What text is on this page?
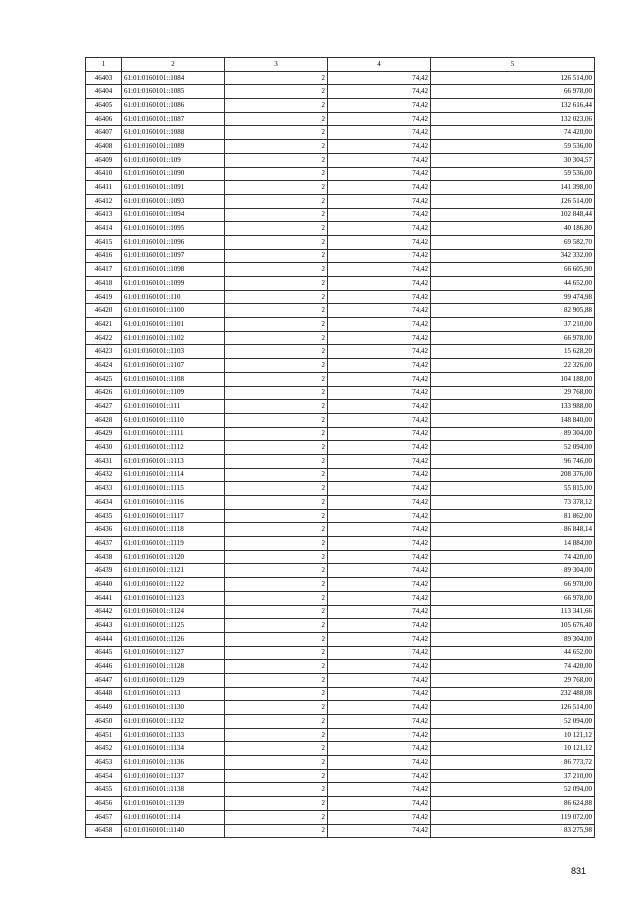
1	2	3	4	5
46403	61:01:0160101::1084	2	74,42	126 514,00
46404	61:01:0160101::1085	2	74,42	66 978,00
46405	61:01:0160101::1086	2	74,42	132 616,44
46406	61:01:0160101::1087	2	74,42	132 023,06
46407	61:01:0160101::1088	2	74,42	74 420,00
46408	61:01:0160101::1089	2	74,42	59 536,00
46409	61:01:0160101::109	2	74,42	30 304,57
46410	61:01:0160101::1090	2	74,42	59 536,00
46411	61:01:0160101::1091	2	74,42	141 398,00
46412	61:01:0160101::1093	2	74,42	126 514,00
46413	61:01:0160101::1094	2	74,42	102 848,44
46414	61:01:0160101::1095	2	74,42	40 186,80
46415	61:01:0160101::1096	2	74,42	69 582,70
46416	61:01:0160101::1097	2	74,42	342 332,00
46417	61:01:0160101::1098	2	74,42	66 605,90
46418	61:01:0160101::1099	2	74,42	44 652,00
46419	61:01:0160101::110	2	74,42	99 474,98
46420	61:01:0160101::1100	2	74,42	82 905,88
46421	61:01:0160101::1101	2	74,42	37 210,00
46422	61:01:0160101::1102	2	74,42	66 978,00
46423	61:01:0160101::1103	2	74,42	15 628,20
46424	61:01:0160101::1107	2	74,42	22 326,00
46425	61:01:0160101::1108	2	74,42	104 188,00
46426	61:01:0160101::1109	2	74,42	29 768,00
46427	61:01:0160101::111	2	74,42	133 988,00
46428	61:01:0160101::1110	2	74,42	148 840,00
46429	61:01:0160101::1111	2	74,42	89 304,00
46430	61:01:0160101::1112	2	74,42	52 094,00
46431	61:01:0160101::1113	2	74,42	96 746,00
46432	61:01:0160101::1114	2	74,42	208 376,00
46433	61:01:0160101::1115	2	74,42	55 815,00
46434	61:01:0160101::1116	2	74,42	73 378,12
46435	61:01:0160101::1117	2	74,42	81 862,00
46436	61:01:0160101::1118	2	74,42	86 848,14
46437	61:01:0160101::1119	2	74,42	14 884,00
46438	61:01:0160101::1120	2	74,42	74 420,00
46439	61:01:0160101::1121	2	74,42	89 304,00
46440	61:01:0160101::1122	2	74,42	66 978,00
46441	61:01:0160101::1123	2	74,42	66 978,00
46442	61:01:0160101::1124	2	74,42	113 341,66
46443	61:01:0160101::1125	2	74,42	105 676,40
46444	61:01:0160101::1126	2	74,42	89 304,00
46445	61:01:0160101::1127	2	74,42	44 652,00
46446	61:01:0160101::1128	2	74,42	74 420,00
46447	61:01:0160101::1129	2	74,42	29 768,00
46448	61:01:0160101::113	2	74,42	232 488,08
46449	61:01:0160101::1130	2	74,42	126 514,00
46450	61:01:0160101::1132	2	74,42	52 094,00
46451	61:01:0160101::1133	2	74,42	10 121,12
46452	61:01:0160101::1134	2	74,42	10 121,12
46453	61:01:0160101::1136	2	74,42	86 773,72
46454	61:01:0160101::1137	2	74,42	37 210,00
46455	61:01:0160101::1138	2	74,42	52 094,00
46456	61:01:0160101::1139	2	74,42	86 624,88
46457	61:01:0160101::114	2	74,42	119 072,00
46458	61:01:0160101::1140	2	74,42	83 275,98
831
